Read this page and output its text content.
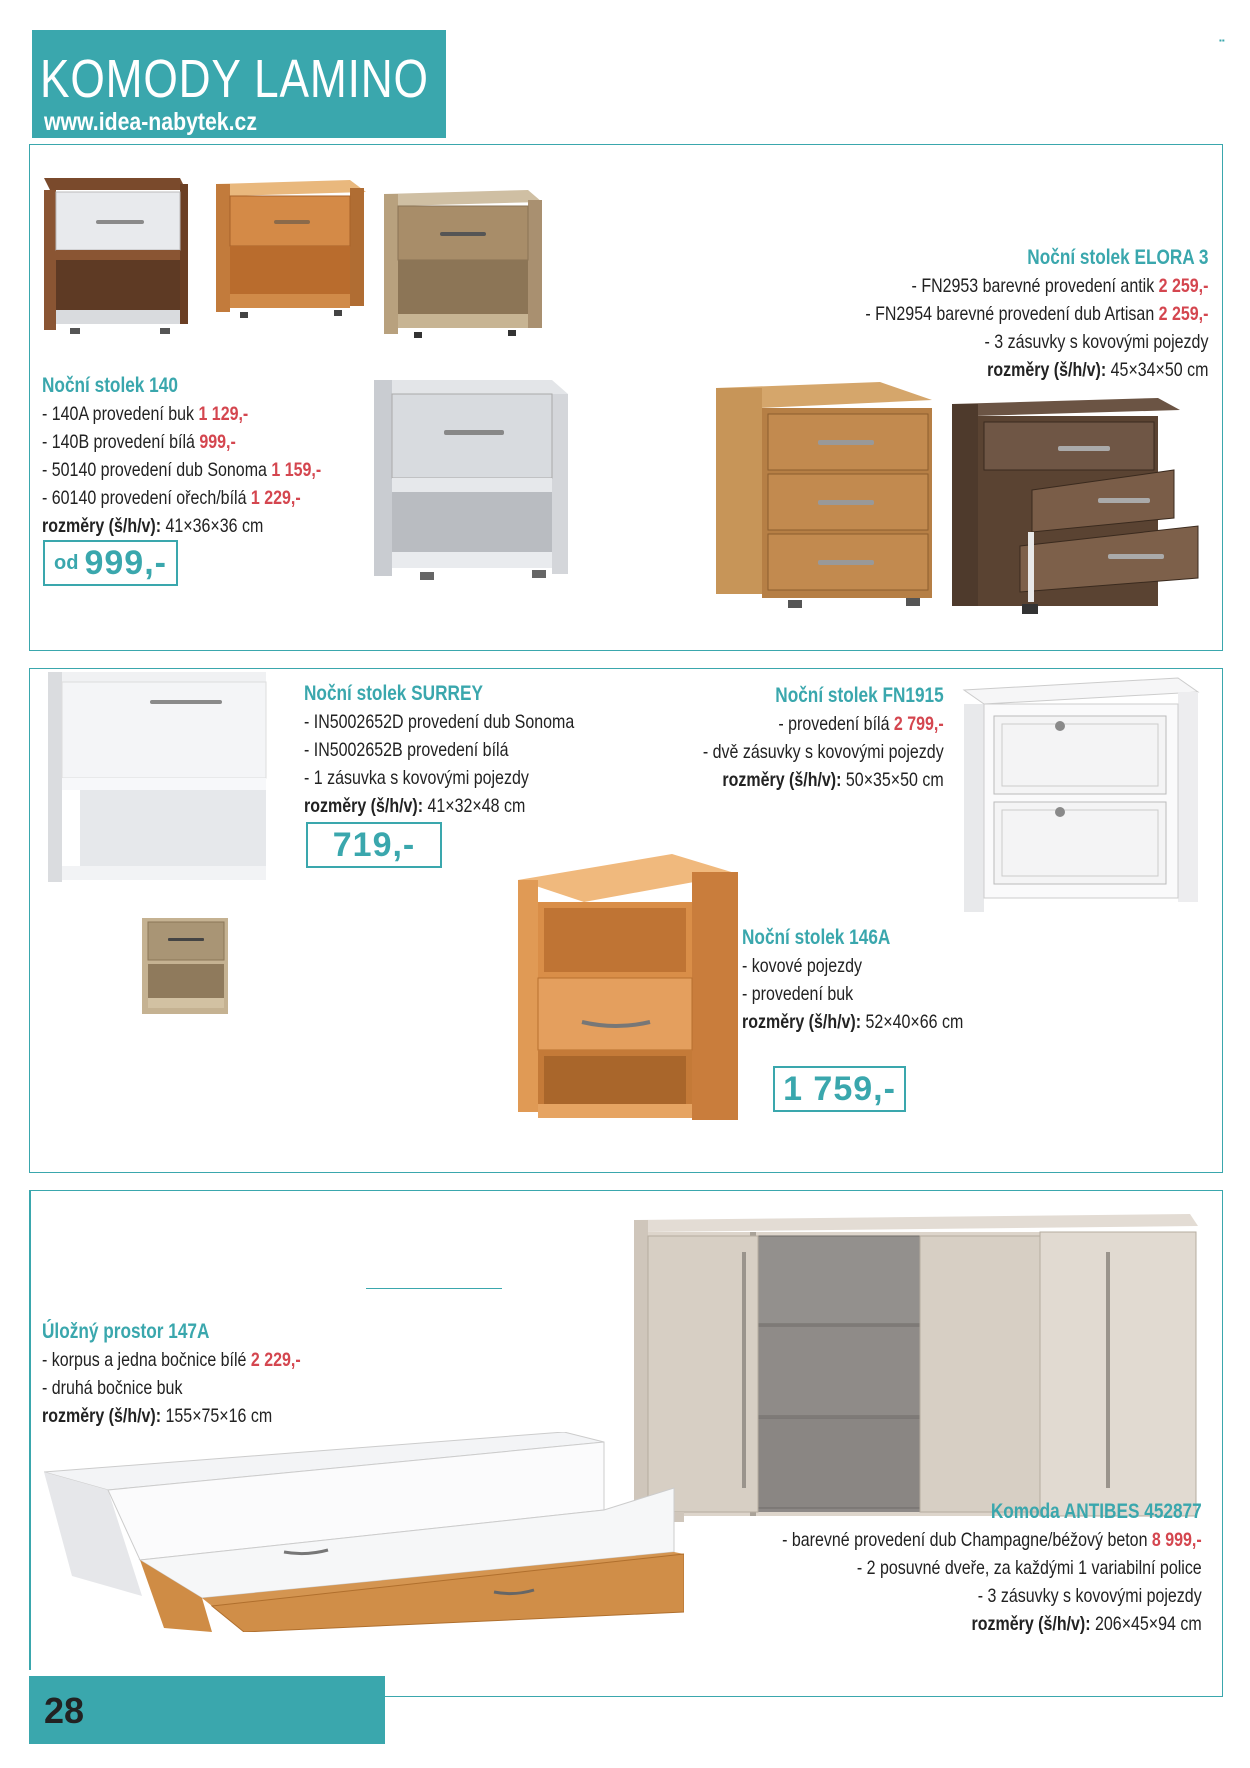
KOMODY LAMINO
www.idea-nabytek.cz
▪▪
Noční stolek 140
- 140A provedení buk 1 129,-
- 140B provedení bílá 999,-
- 50140 provedení dub Sonoma 1 159,-
- 60140 provedení ořech/bílá 1 229,-
rozměry (š/h/v): 41×36×36 cm
od 999,-
Noční stolek ELORA 3
- FN2953 barevné provedení antik 2 259,-
- FN2954 barevné provedení dub Artisan 2 259,-
- 3 zásuvky s kovovými pojezdy
rozměry (š/h/v): 45×34×50 cm
Noční stolek SURREY
- IN5002652D provedení dub Sonoma
- IN5002652B provedení bílá
- 1 zásuvka s kovovými pojezdy
rozměry (š/h/v): 41×32×48 cm
719,-
Noční stolek FN1915
- provedení bílá 2 799,-
- dvě zásuvky s kovovými pojezdy
rozměry (š/h/v): 50×35×50 cm
Noční stolek 146A
- kovové pojezdy
- provedení buk
rozměry (š/h/v): 52×40×66 cm
1 759,-
Úložný prostor 147A
- korpus a jedna bočnice bílé 2 229,-
- druhá bočnice buk
rozměry (š/h/v): 155×75×16 cm
Komoda ANTIBES 452877
- barevné provedení dub Champagne/béžový beton 8 999,-
- 2 posuvné dveře, za každými 1 variabilní police
- 3 zásuvky s kovovými pojezdy
rozměry (š/h/v): 206×45×94 cm
28
